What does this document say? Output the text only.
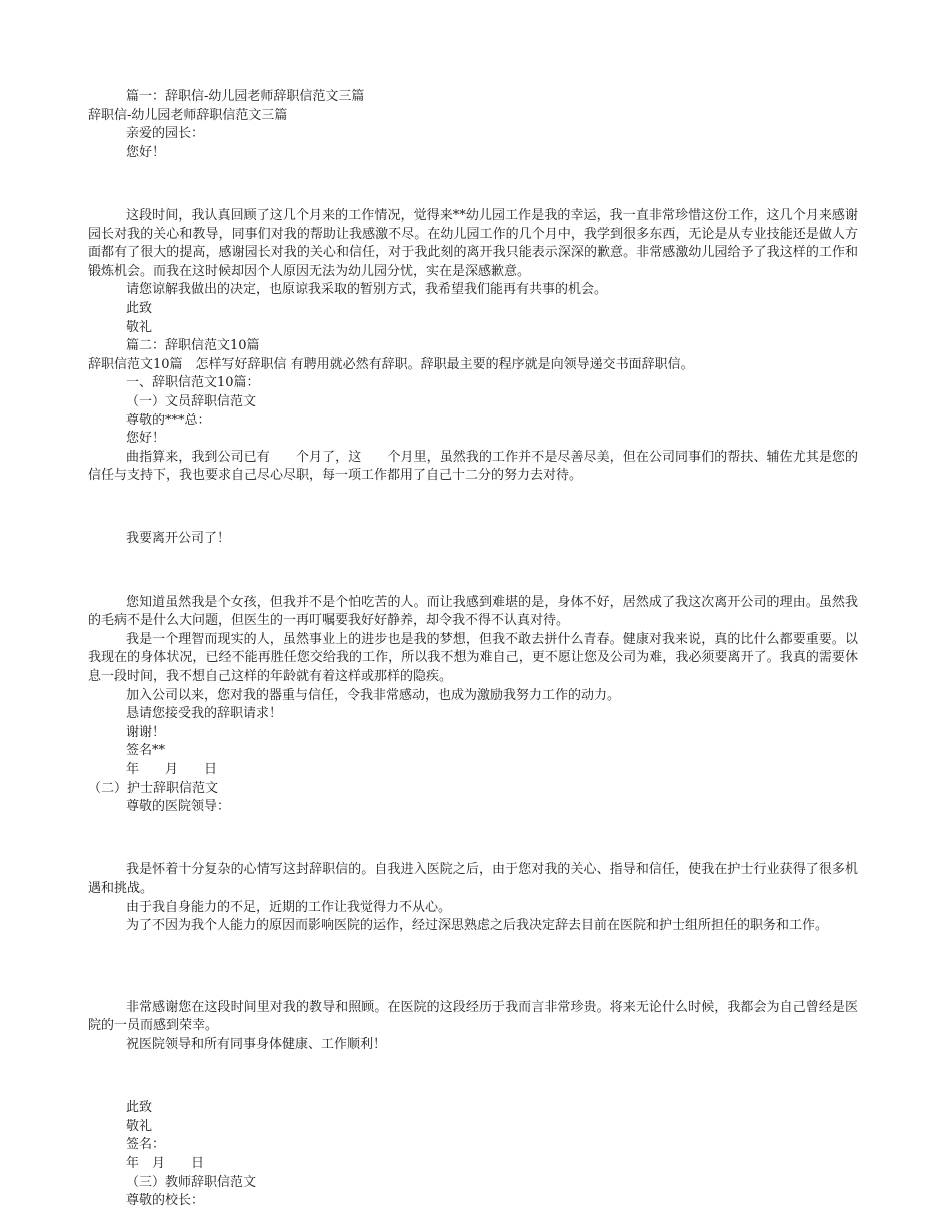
篇一：辞职信-幼儿园老师辞职信范文三篇

辞职信-幼儿园老师辞职信范文三篇

亲爱的园长：

您好！

这段时间，我认真回顾了这几个月来的工作情况，觉得来**幼儿园工作是我的幸运，我一直非常珍惜这份工作，这几个月来感谢园长对我的关心和教导，同事们对我的帮助让我感激不尽。在幼儿园工作的几个月中，我学到很多东西，无论是从专业技能还是做人方面都有了很大的提高，感谢园长对我的关心和信任，对于我此刻的离开我只能表示深深的歉意。非常感激幼儿园给予了我这样的工作和锻炼机会。而我在这时候却因个人原因无法为幼儿园分忧，实在是深感歉意。

请您谅解我做出的决定，也原谅我采取的暂别方式，我希望我们能再有共事的机会。

此致

敬礼

篇二：辞职信范文10篇

辞职信范文10篇　怎样写好辞职信 有聘用就必然有辞职。辞职最主要的程序就是向领导递交书面辞职信。

一、辞职信范文10篇：

（一）文员辞职信范文

尊敬的***总：

您好！

曲指算来，我到公司已有　　个月了，这　　个月里，虽然我的工作并不是尽善尽美，但在公司同事们的帮扶、辅佐尤其是您的信任与支持下，我也要求自己尽心尽职，每一项工作都用了自己十二分的努力去对待。

我要离开公司了！

您知道虽然我是个女孩，但我并不是个怕吃苦的人。而让我感到难堪的是，身体不好，居然成了我这次离开公司的理由。虽然我的毛病不是什么大问题，但医生的一再叮嘱要我好好静养，却令我不得不认真对待。

我是一个理智而现实的人，虽然事业上的进步也是我的梦想，但我不敢去拼什么青春。健康对我来说，真的比什么都要重要。以我现在的身体状况，已经不能再胜任您交给我的工作，所以我不想为难自己，更不愿让您及公司为难，我必须要离开了。我真的需要休息一段时间，我不想自己这样的年龄就有着这样或那样的隐疾。

加入公司以来，您对我的器重与信任，令我非常感动，也成为激励我努力工作的动力。

恳请您接受我的辞职请求！

谢谢！

签名**

年　　月　　日

（二）护士辞职信范文

尊敬的医院领导：

我是怀着十分复杂的心情写这封辞职信的。自我进入医院之后，由于您对我的关心、指导和信任，使我在护士行业获得了很多机遇和挑战。

由于我自身能力的不足，近期的工作让我觉得力不从心。

为了不因为我个人能力的原因而影响医院的运作，经过深思熟虑之后我决定辞去目前在医院和护士组所担任的职务和工作。

非常感谢您在这段时间里对我的教导和照顾。在医院的这段经历于我而言非常珍贵。将来无论什么时候，我都会为自己曾经是医院的一员而感到荣幸。

祝医院领导和所有同事身体健康、工作顺利！

此致

敬礼

签名：

年　月　　日

（三）教师辞职信范文

尊敬的校长：
